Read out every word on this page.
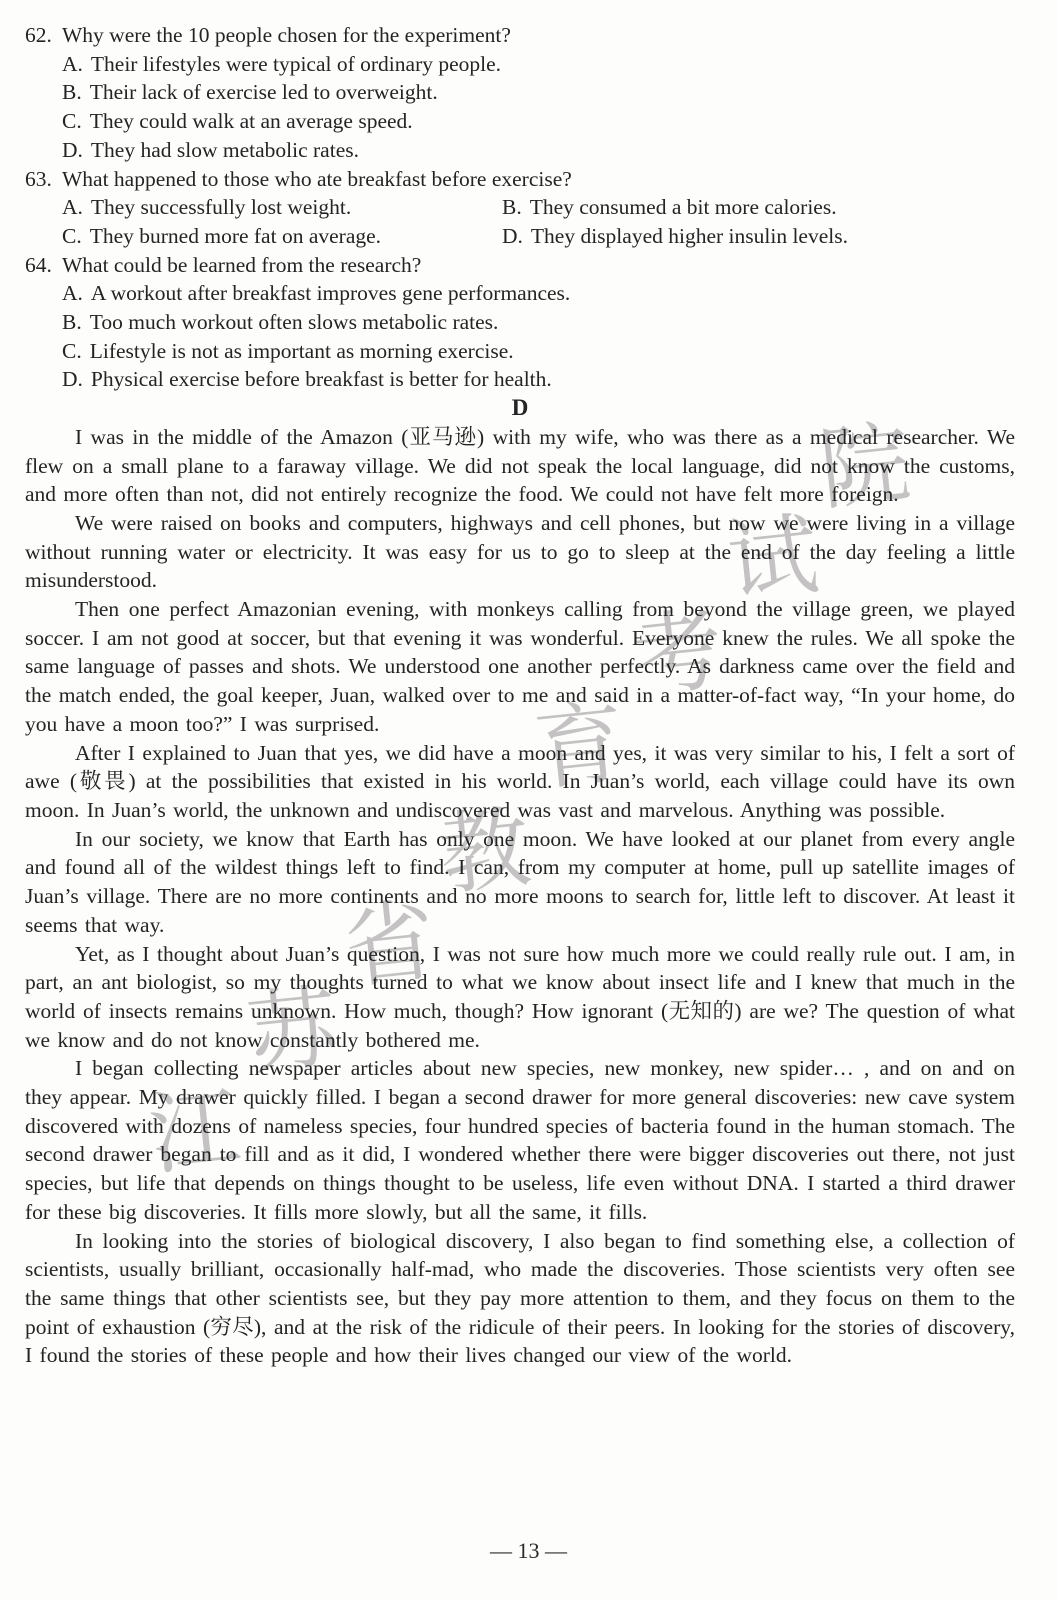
江
苏
省
教
育
考
试
院
62. Why were the 10 people chosen for the experiment?
A. Their lifestyles were typical of ordinary people.
B. Their lack of exercise led to overweight.
C. They could walk at an average speed.
D. They had slow metabolic rates.
63. What happened to those who ate breakfast before exercise?
A. They successfully lost weight.	B. They consumed a bit more calories.
C. They burned more fat on average.	D. They displayed higher insulin levels.
64. What could be learned from the research?
A. A workout after breakfast improves gene performances.
B. Too much workout often slows metabolic rates.
C. Lifestyle is not as important as morning exercise.
D. Physical exercise before breakfast is better for health.
D

I was in the middle of the Amazon (亚马逊) with my wife, who was there as a medical researcher. We flew on a small plane to a faraway village. We did not speak the local language, did not know the customs, and more often than not, did not entirely recognize the food. We could not have felt more foreign.

We were raised on books and computers, highways and cell phones, but now we were living in a village without running water or electricity. It was easy for us to go to sleep at the end of the day feeling a little misunderstood.

Then one perfect Amazonian evening, with monkeys calling from beyond the village green, we played soccer. I am not good at soccer, but that evening it was wonderful. Everyone knew the rules. We all spoke the same language of passes and shots. We understood one another perfectly. As darkness came over the field and the match ended, the goal keeper, Juan, walked over to me and said in a matter-of-fact way, “In your home, do you have a moon too?” I was surprised.

After I explained to Juan that yes, we did have a moon and yes, it was very similar to his, I felt a sort of awe (敬畏) at the possibilities that existed in his world. In Juan’s world, each village could have its own moon. In Juan’s world, the unknown and undiscovered was vast and marvelous. Anything was possible.

In our society, we know that Earth has only one moon. We have looked at our planet from every angle and found all of the wildest things left to find. I can, from my computer at home, pull up satellite images of Juan’s village. There are no more continents and no more moons to search for, little left to discover. At least it seems that way.

Yet, as I thought about Juan’s question, I was not sure how much more we could really rule out. I am, in part, an ant biologist, so my thoughts turned to what we know about insect life and I knew that much in the world of insects remains unknown. How much, though? How ignorant (无知的) are we? The question of what we know and do not know constantly bothered me.

I began collecting newspaper articles about new species, new monkey, new spider… , and on and on they appear. My drawer quickly filled. I began a second drawer for more general discoveries: new cave system discovered with dozens of nameless species, four hundred species of bacteria found in the human stomach. The second drawer began to fill and as it did, I wondered whether there were bigger discoveries out there, not just species, but life that depends on things thought to be useless, life even without DNA. I started a third drawer for these big discoveries. It fills more slowly, but all the same, it fills.

In looking into the stories of biological discovery, I also began to find something else, a collection of scientists, usually brilliant, occasionally half-mad, who made the discoveries. Those scientists very often see the same things that other scientists see, but they pay more attention to them, and they focus on them to the point of exhaustion (穷尽), and at the risk of the ridicule of their peers. In looking for the stories of discovery, I found the stories of these people and how their lives changed our view of the world.

— 13 —
